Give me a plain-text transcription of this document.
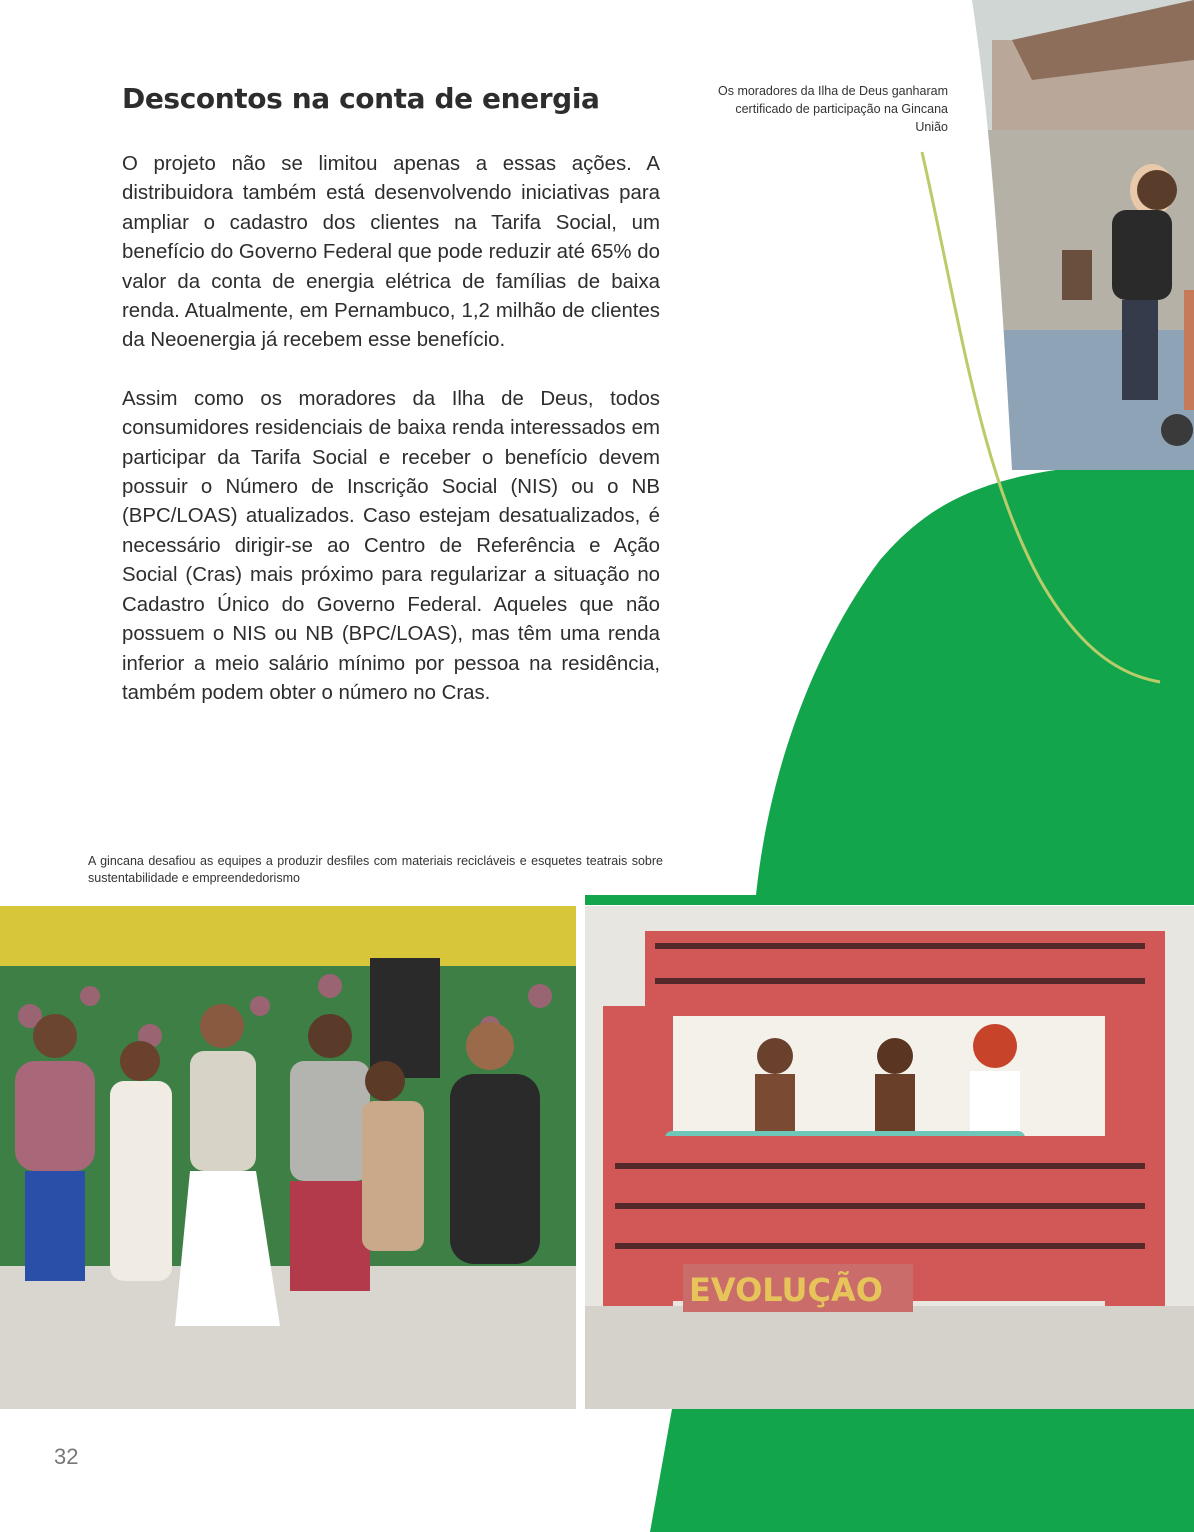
Descontos na conta de energia	Os moradores da Ilha de Deus ganharam certificado de participação na Gincana União

O projeto não se limitou apenas a essas ações. A distribuidora também está desenvolvendo iniciativas para ampliar o cadastro dos clientes na Tarifa Social, um benefício do Governo Federal que pode reduzir até 65% do valor da conta de energia elétrica de famílias de baixa renda. Atualmente, em Pernambuco, 1,2 milhão de clientes da Neoenergia já recebem esse benefício.

Assim como os moradores da Ilha de Deus, todos consumidores residenciais de baixa renda interessados em participar da Tarifa Social e receber o benefício devem possuir o Número de Inscrição Social (NIS) ou o NB (BPC/LOAS) atualizados. Caso estejam desatualizados, é necessário dirigir-se ao Centro de Referência e Ação Social (Cras) mais próximo para regularizar a situação no Cadastro Único do Governo Federal. Aqueles que não possuem o NIS ou NB (BPC/LOAS), mas têm uma renda inferior a meio salário mínimo por pessoa na residência, também podem obter o número no Cras.

A gincana desafiou as equipes a produzir desfiles com materiais recicláveis e esquetes teatrais sobre sustentabilidade e empreendedorismo
EVOLUÇÃO
32
